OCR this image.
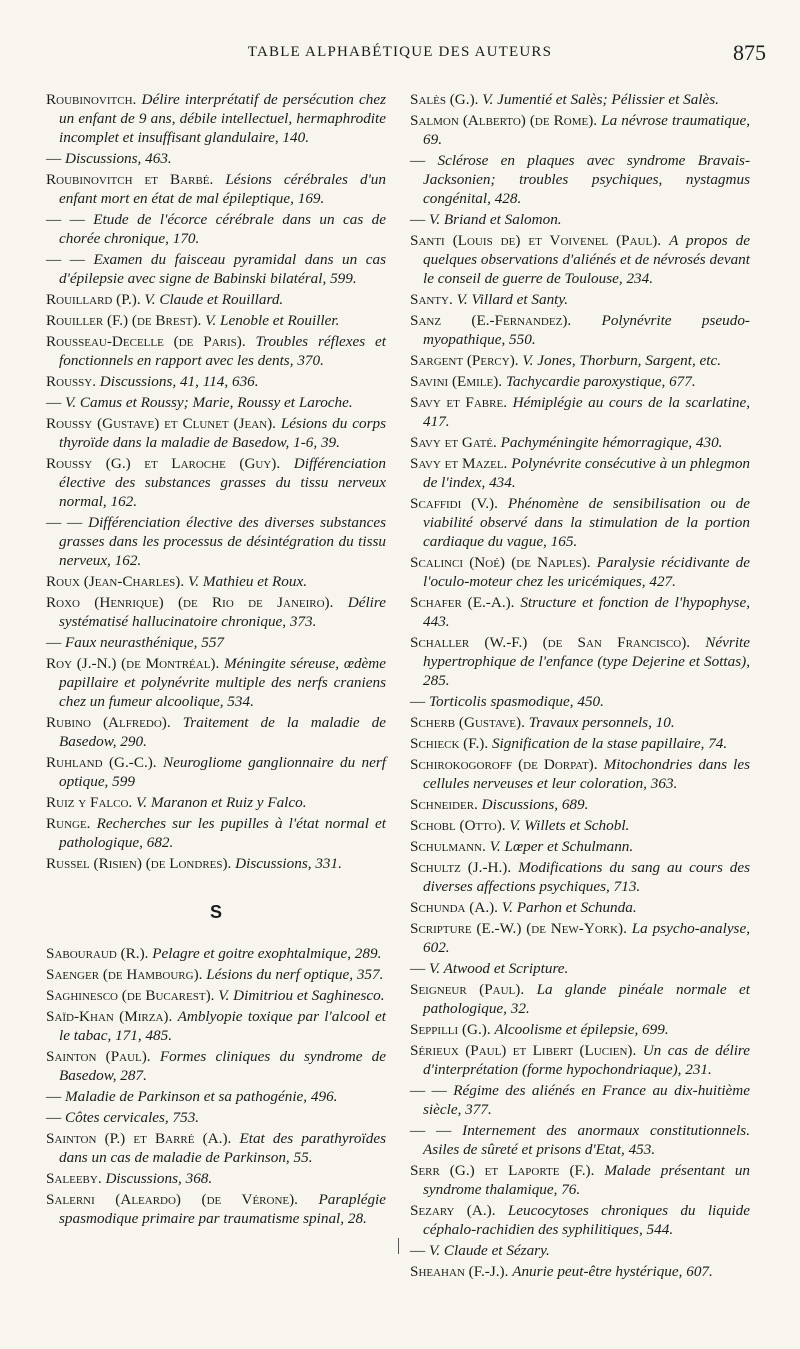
TABLE ALPHABÉTIQUE DES AUTEURS	875

Roubinovitch. Délire interprétatif de persécution chez un enfant de 9 ans, débile intellectuel, hermaphrodite incomplet et insuffisant glandulaire, 140.

— Discussions, 463.

Roubinovitch et Barbé. Lésions cérébrales d'un enfant mort en état de mal épileptique, 169.

— — Etude de l'écorce cérébrale dans un cas de chorée chronique, 170.

— — Examen du faisceau pyramidal dans un cas d'épilepsie avec signe de Babinski bilatéral, 599.

Rouillard (P.). V. Claude et Rouillard.

Rouiller (F.) (de Brest). V. Lenoble et Rouiller.

Rousseau-Decelle (de Paris). Troubles réflexes et fonctionnels en rapport avec les dents, 370.

Roussy. Discussions, 41, 114, 636.

— V. Camus et Roussy; Marie, Roussy et Laroche.

Roussy (Gustave) et Clunet (Jean). Lésions du corps thyroïde dans la maladie de Basedow, 1-6, 39.

Roussy (G.) et Laroche (Guy). Différenciation élective des substances grasses du tissu nerveux normal, 162.

— — Différenciation élective des diverses substances grasses dans les processus de désintégration du tissu nerveux, 162.

Roux (Jean-Charles). V. Mathieu et Roux.

Roxo (Henrique) (de Rio de Janeiro). Délire systématisé hallucinatoire chronique, 373.

— Faux neurasthénique, 557

Roy (J.-N.) (de Montréal). Méningite séreuse, œdème papillaire et polynévrite multiple des nerfs craniens chez un fumeur alcoolique, 534.

Rubino (Alfredo). Traitement de la maladie de Basedow, 290.

Ruhland (G.-C.). Neurogliome ganglionnaire du nerf optique, 599

Ruiz y Falco. V. Maranon et Ruiz y Falco.

Runge. Recherches sur les pupilles à l'état normal et pathologique, 682.

Russel (Risien) (de Londres). Discussions, 331.

S

Sabouraud (R.). Pelagre et goitre exophtalmique, 289.

Saenger (de Hambourg). Lésions du nerf optique, 357.

Saghinesco (de Bucarest). V. Dimitriou et Saghinesco.

Saïd-Khan (Mirza). Amblyopie toxique par l'alcool et le tabac, 171, 485.

Sainton (Paul). Formes cliniques du syndrome de Basedow, 287.

— Maladie de Parkinson et sa pathogénie, 496.

— Côtes cervicales, 753.

Sainton (P.) et Barré (A.). Etat des parathyroïdes dans un cas de maladie de Parkinson, 55.

Saleeby. Discussions, 368.

Salerni (Aleardo) (de Vérone). Paraplégie spasmodique primaire par traumatisme spinal, 28.

Salès (G.). V. Jumentié et Salès; Pélissier et Salès.

Salmon (Alberto) (de Rome). La névrose traumatique, 69.

— Sclérose en plaques avec syndrome Bravais-Jacksonien; troubles psychiques, nystagmus congénital, 428.

— V. Briand et Salomon.

Santi (Louis de) et Voivenel (Paul). A propos de quelques observations d'aliénés et de névrosés devant le conseil de guerre de Toulouse, 234.

Santy. V. Villard et Santy.

Sanz (E.-Fernandez). Polynévrite pseudo-myopathique, 550.

Sargent (Percy). V. Jones, Thorburn, Sargent, etc.

Savini (Emile). Tachycardie paroxystique, 677.

Savy et Fabre. Hémiplégie au cours de la scarlatine, 417.

Savy et Gaté. Pachyméningite hémorragique, 430.

Savy et Mazel. Polynévrite consécutive à un phlegmon de l'index, 434.

Scaffidi (V.). Phénomène de sensibilisation ou de viabilité observé dans la stimulation de la portion cardiaque du vague, 165.

Scalinci (Noé) (de Naples). Paralysie récidivante de l'oculo-moteur chez les uricémiques, 427.

Schafer (E.-A.). Structure et fonction de l'hypophyse, 443.

Schaller (W.-F.) (de San Francisco). Névrite hypertrophique de l'enfance (type Dejerine et Sottas), 285.

— Torticolis spasmodique, 450.

Scherb (Gustave). Travaux personnels, 10.

Schieck (F.). Signification de la stase papillaire, 74.

Schirokogoroff (de Dorpat). Mitochondries dans les cellules nerveuses et leur coloration, 363.

Schneider. Discussions, 689.

Schobl (Otto). V. Willets et Schobl.

Schulmann. V. Lœper et Schulmann.

Schultz (J.-H.). Modifications du sang au cours des diverses affections psychiques, 713.

Schunda (A.). V. Parhon et Schunda.

Scripture (E.-W.) (de New-York). La psycho-analyse, 602.

— V. Atwood et Scripture.

Seigneur (Paul). La glande pinéale normale et pathologique, 32.

Seppilli (G.). Alcoolisme et épilepsie, 699.

Sérieux (Paul) et Libert (Lucien). Un cas de délire d'interprétation (forme hypochondriaque), 231.

— — Régime des aliénés en France au dix-huitième siècle, 377.

— — Internement des anormaux constitutionnels. Asiles de sûreté et prisons d'Etat, 453.

Serr (G.) et Laporte (F.). Malade présentant un syndrome thalamique, 76.

Sezary (A.). Leucocytoses chroniques du liquide céphalo-rachidien des syphilitiques, 544.

— V. Claude et Sézary.

Sheahan (F.-J.). Anurie peut-être hystérique, 607.
